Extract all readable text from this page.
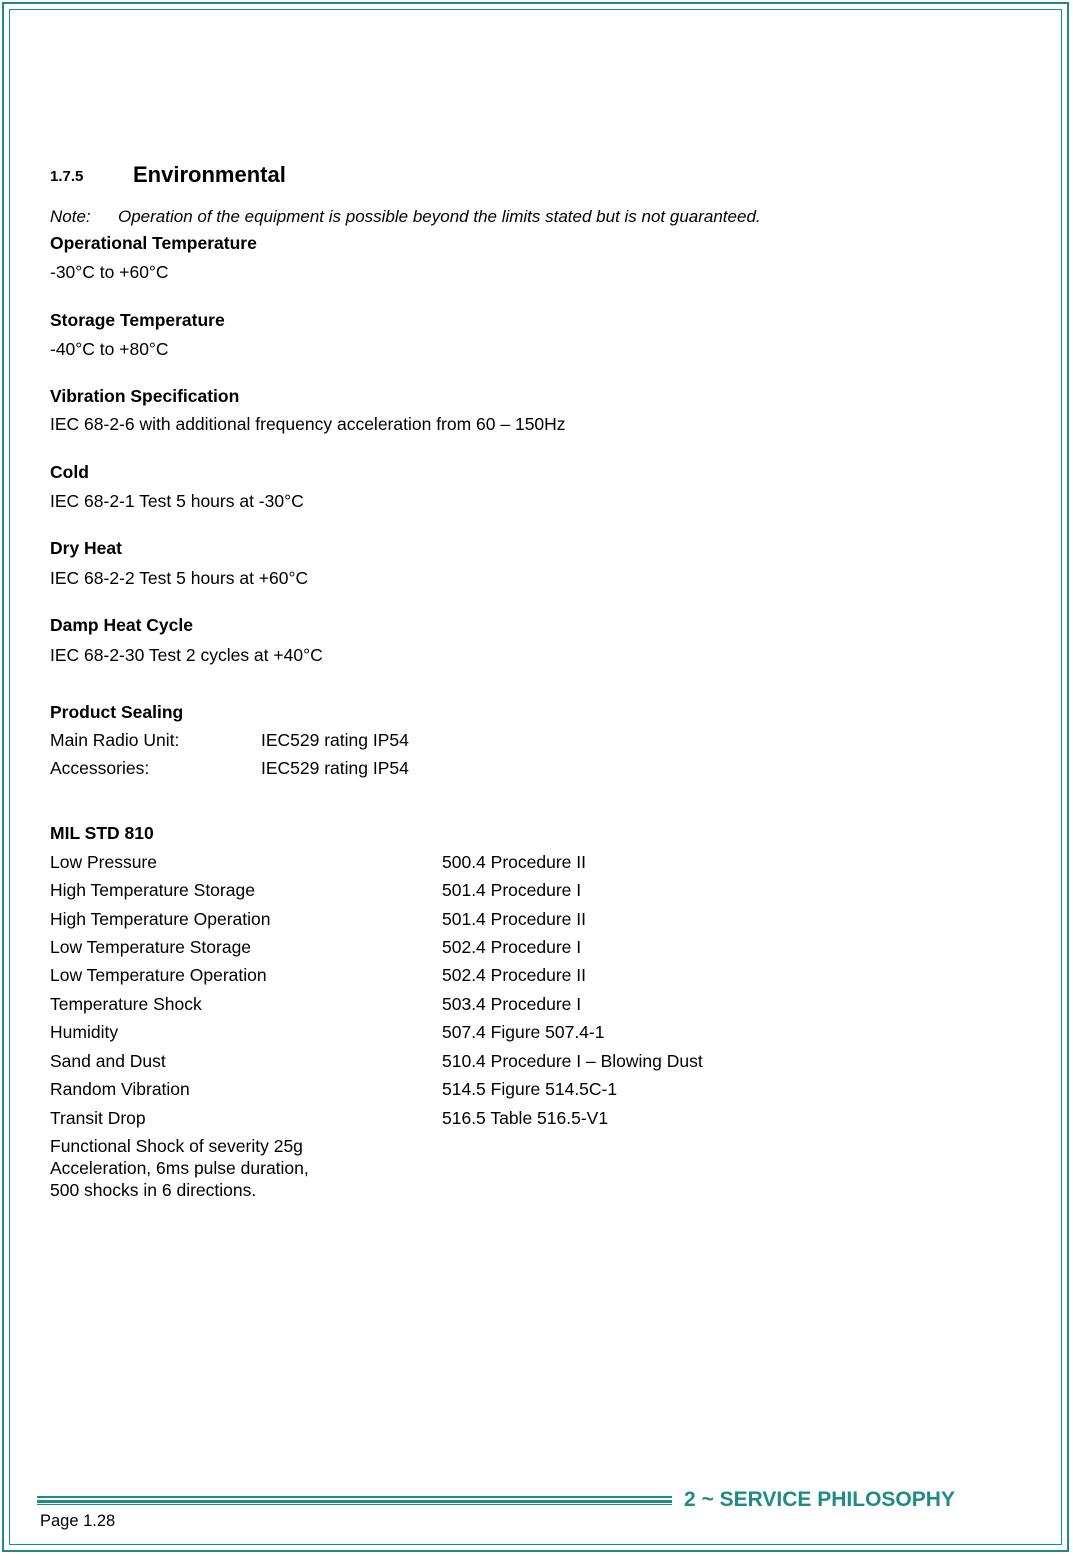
1.7.5 Environmental
Note: Operation of the equipment is possible beyond the limits stated but is not guaranteed.
Operational Temperature
-30°C to +60°C
Storage Temperature
-40°C to +80°C
Vibration Specification
IEC 68-2-6 with additional frequency acceleration from 60 – 150Hz
Cold
IEC 68-2-1 Test 5 hours at -30°C
Dry Heat
IEC 68-2-2 Test 5 hours at +60°C
Damp Heat Cycle
IEC 68-2-30 Test 2 cycles at +40°C
Product Sealing
Main Radio Unit:	IEC529 rating IP54
Accessories:	IEC529 rating IP54
MIL STD 810
Low Pressure	500.4 Procedure II
High Temperature Storage	501.4 Procedure I
High Temperature Operation	501.4 Procedure II
Low Temperature Storage	502.4 Procedure I
Low Temperature Operation	502.4 Procedure II
Temperature Shock	503.4 Procedure I
Humidity	507.4 Figure 507.4-1
Sand and Dust	510.4 Procedure I – Blowing Dust
Random Vibration	514.5 Figure 514.5C-1
Transit Drop	516.5 Table 516.5-V1
Functional Shock of severity 25g
Acceleration, 6ms pulse duration,
500 shocks in 6 directions.
2 ~ SERVICE PHILOSOPHY
Page 1.28
